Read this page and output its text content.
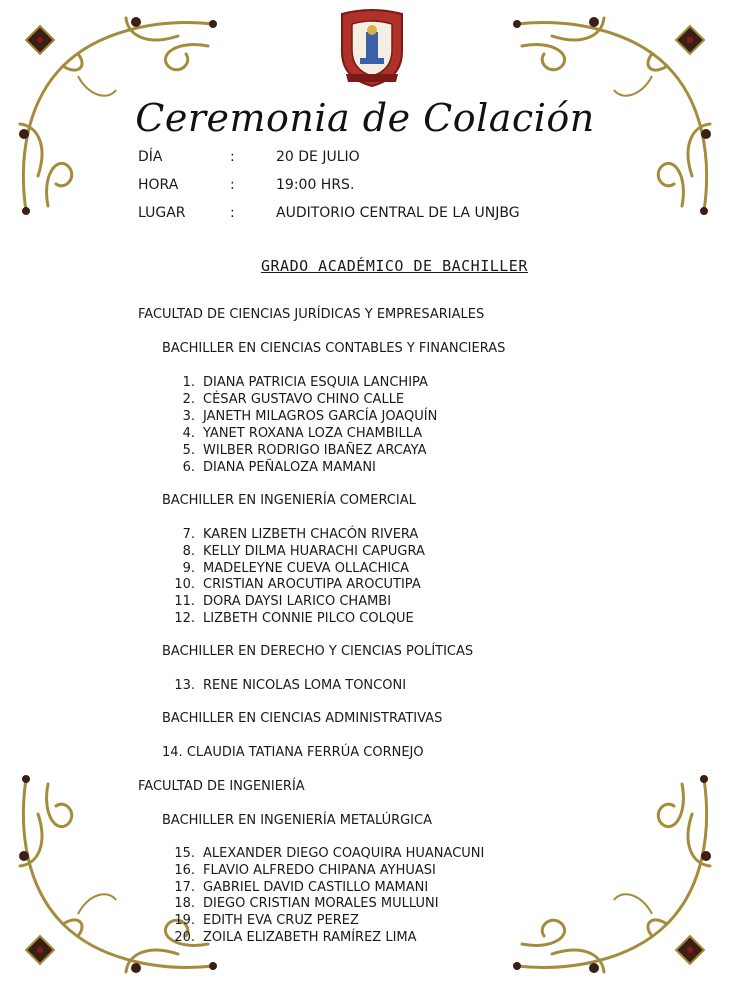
Ceremonia de Colación
DÍA	:	20 DE JULIO
HORA	:	19:00 HRS.
LUGAR	:	AUDITORIO CENTRAL DE LA UNJBG
GRADO ACADÉMICO DE BACHILLER
FACULTAD DE CIENCIAS JURÍDICAS Y EMPRESARIALES
BACHILLER EN CIENCIAS CONTABLES Y FINANCIERAS
1. DIANA PATRICIA ESQUIA LANCHIPA
2. CÉSAR GUSTAVO CHINO CALLE
3. JANETH MILAGROS GARCÍA JOAQUÍN
4. YANET ROXANA LOZA CHAMBILLA
5. WILBER RODRIGO IBAÑEZ ARCAYA
6. DIANA PEÑALOZA MAMANI
BACHILLER EN INGENIERÍA COMERCIAL
7. KAREN LIZBETH CHACÓN RIVERA
8. KELLY DILMA HUARACHI CAPUGRA
9. MADELEYNE CUEVA OLLACHICA
10. CRISTIAN AROCUTIPA AROCUTIPA
11. DORA DAYSI LARICO CHAMBI
12. LIZBETH CONNIE PILCO COLQUE
BACHILLER EN DERECHO Y CIENCIAS POLÍTICAS
13. RENE NICOLAS LOMA TONCONI
BACHILLER EN CIENCIAS ADMINISTRATIVAS
14. CLAUDIA TATIANA FERRÚA CORNEJO
FACULTAD DE INGENIERÍA
BACHILLER EN INGENIERÍA METALÚRGICA
15. ALEXANDER DIEGO COAQUIRA HUANACUNI
16. FLAVIO ALFREDO CHIPANA AYHUASI
17. GABRIEL DAVID CASTILLO MAMANI
18. DIEGO CRISTIAN MORALES MULLUNI
19. EDITH EVA CRUZ PEREZ
20. ZOILA ELIZABETH RAMÍREZ LIMA
